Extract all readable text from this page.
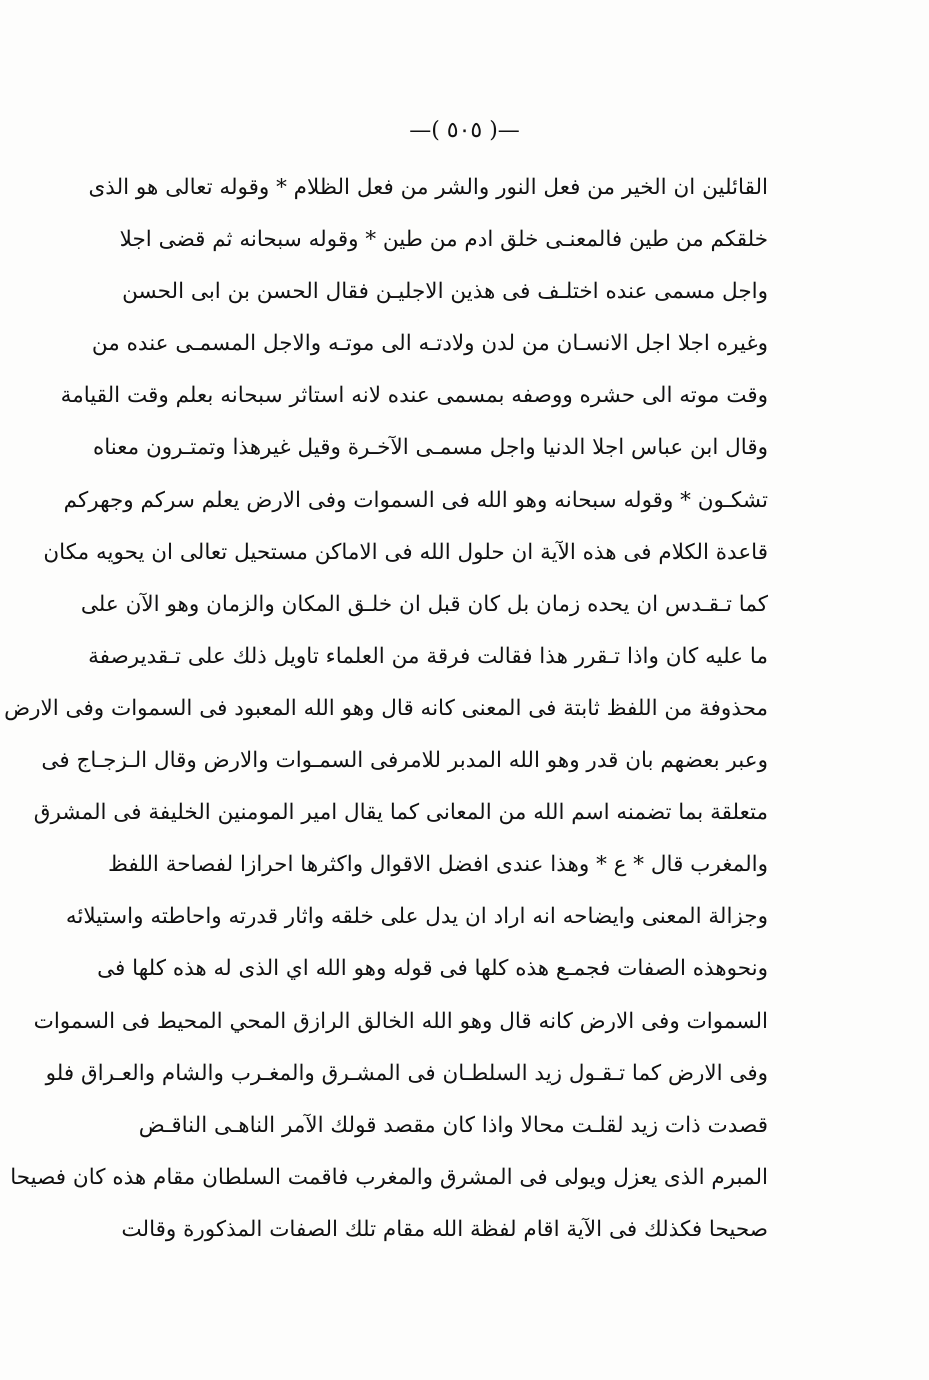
—( ٥٠٥ )—
القائلين ان الخير من فعل النور والشر من فعل الظلام * وقوله تعالى هو الذى
خلقكم من طين فالمعنـى خلق ادم من طين * وقوله سبحانه ثم قضى اجلا
واجل مسمى عنده اختلـف فى هذين الاجليـن فقال الحسن بن ابى الحسن
وغيره اجلا اجل الانسـان من لدن ولادتـه الى موتـه والاجل المسمـى عنده من
وقت موته الى حشره ووصفه بمسمى عنده لانه استاثر سبحانه بعلم وقت القيامة
وقال ابن عباس اجلا الدنيا واجل مسمـى الآخـرة وقيل غيرهذا وتمتـرون معناه
تشكـون * وقوله سبحانه وهو الله فى السموات وفى الارض يعلم سركم وجهركم
قاعدة الكلام فى هذه الآية ان حلول الله فى الاماكن مستحيل تعالى ان يحويه مكان
كما تـقـدس ان يحده زمان بل كان قبل ان خلـق المكان والزمان وهو الآن على
ما عليه كان واذا تـقرر هذا فقالت فرقة من العلماء تاويل ذلك على تـقديرصفة
محذوفة من اللفظ ثابتة فى المعنى كانه قال وهو الله المعبود فى السموات وفى الارض
وعبر بعضهم بان قدر وهو الله المدبر للامرفى السمـوات والارض وقال الـزجـاج فى
متعلقة بما تضمنه اسم الله من المعانى كما يقال امير المومنين الخليفة فى المشرق
والمغرب قال * ع * وهذا عندى افضل الاقوال واكثرها احرازا لفصاحة اللفظ
وجزالة المعنى وايضاحه انه اراد ان يدل على خلقه واثار قدرته واحاطته واستيلائه
ونحوهذه الصفات فجمـع هذه كلها فى قوله وهو الله اي الذى له هذه كلها فى
السموات وفى الارض كانه قال وهو الله الخالق الرازق المحي المحيط فى السموات
وفى الارض كما تـقـول زيد السلطـان فى المشـرق والمغـرب والشام والعـراق فلو
قصدت ذات زيد لقلـت محالا واذا كان مقصد قولك الآمر الناهـى الناقـض
المبرم الذى يعزل ويولى فى المشرق والمغرب فاقمت السلطان مقام هذه كان فصيحا
صحيحا فكذلك فى الآية اقام لفظة الله مقام تلك الصفات المذكورة وقالت
